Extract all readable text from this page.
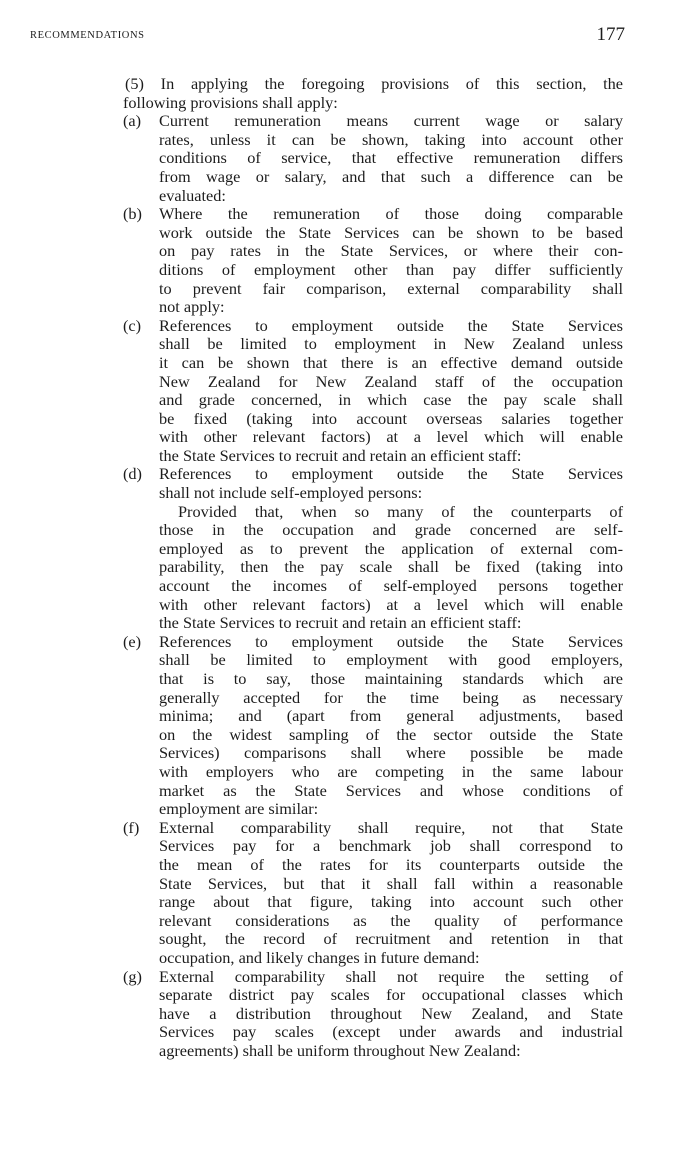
RECOMMENDATIONS	177

(5) In applying the foregoing provisions of this section, the
following provisions shall apply:

(a) Current remuneration means current wage or salary
rates, unless it can be shown, taking into account other
conditions of service, that effective remuneration differs
from wage or salary, and that such a difference can be
evaluated:
(b) Where the remuneration of those doing comparable
work outside the State Services can be shown to be based
on pay rates in the State Services, or where their con-
ditions of employment other than pay differ sufficiently
to prevent fair comparison, external comparability shall
not apply:
(c) References to employment outside the State Services
shall be limited to employment in New Zealand unless
it can be shown that there is an effective demand outside
New Zealand for New Zealand staff of the occupation
and grade concerned, in which case the pay scale shall
be fixed (taking into account overseas salaries together
with other relevant factors) at a level which will enable
the State Services to recruit and retain an efficient staff:
(d) References to employment outside the State Services
shall not include self-employed persons:
Provided that, when so many of the counterparts of
those in the occupation and grade concerned are self-
employed as to prevent the application of external com-
parability, then the pay scale shall be fixed (taking into
account the incomes of self-employed persons together
with other relevant factors) at a level which will enable
the State Services to recruit and retain an efficient staff:
(e) References to employment outside the State Services
shall be limited to employment with good employers,
that is to say, those maintaining standards which are
generally accepted for the time being as necessary
minima; and (apart from general adjustments, based
on the widest sampling of the sector outside the State
Services) comparisons shall where possible be made
with employers who are competing in the same labour
market as the State Services and whose conditions of
employment are similar:
(f) External comparability shall require, not that State
Services pay for a benchmark job shall correspond to
the mean of the rates for its counterparts outside the
State Services, but that it shall fall within a reasonable
range about that figure, taking into account such other
relevant considerations as the quality of performance
sought, the record of recruitment and retention in that
occupation, and likely changes in future demand:
(g) External comparability shall not require the setting of
separate district pay scales for occupational classes which
have a distribution throughout New Zealand, and State
Services pay scales (except under awards and industrial
agreements) shall be uniform throughout New Zealand:
